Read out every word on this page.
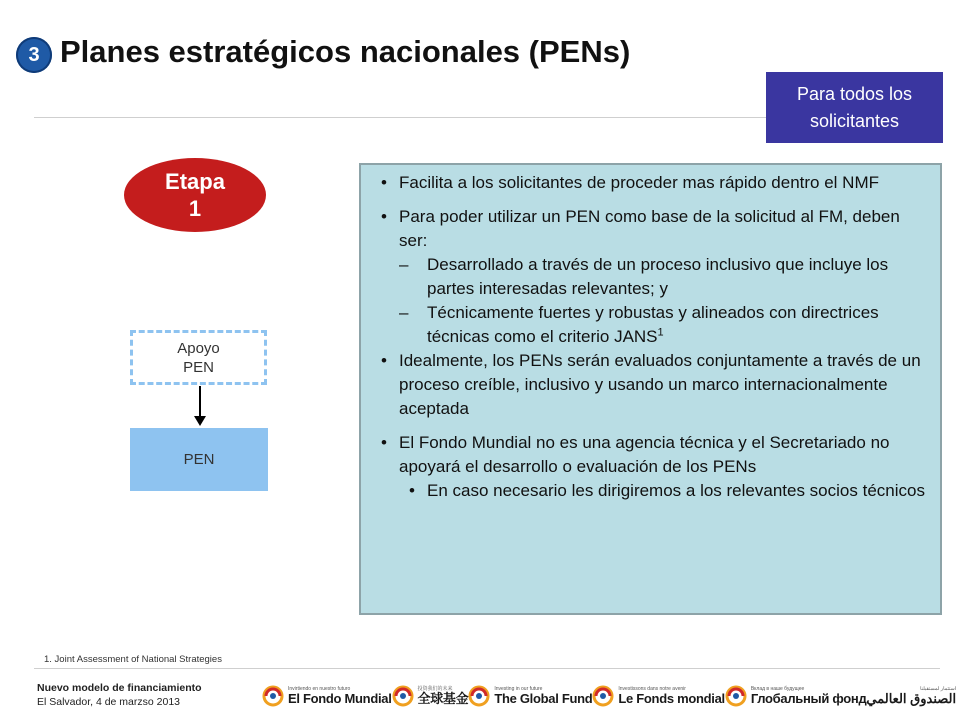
3 Planes estratégicos nacionales (PENs)
Para todos los solicitantes
Etapa
1
Apoyo
PEN
PEN
• Facilita a los solicitantes de proceder mas rápido dentro el NMF
• Para poder utilizar un PEN como base de la solicitud al FM, deben ser:
– Desarrollado a través de un proceso inclusivo que incluye los partes interesadas relevantes; y
– Técnicamente fuertes y robustas y alineados con directrices técnicas como el criterio JANS$^1$
• Idealmente, los PENs serán evaluados conjuntamente a través de un proceso creíble, inclusivo y usando un marco internacionalmente aceptada
• El Fondo Mundial no es una agencia técnica y el Secretariado no apoyará el desarrollo o evaluación de los PENs
• En caso necesario les dirigiremos a los relevantes socios técnicos
1. Joint Assessment of National Strategies
Nuevo modelo de financiamiento
El Salvador, 4 de marzso 2013
Invirtiendo en nuestro futuro
El Fondo Mundial
投资我们的未来
全球基金
Investing in our future
The Global Fund
Investissons dans notre avenir
Le Fonds mondial
Вклад в наше будущее
Глобальный фонд
استثمار لمستقبلنا
الصندوق العالمي
